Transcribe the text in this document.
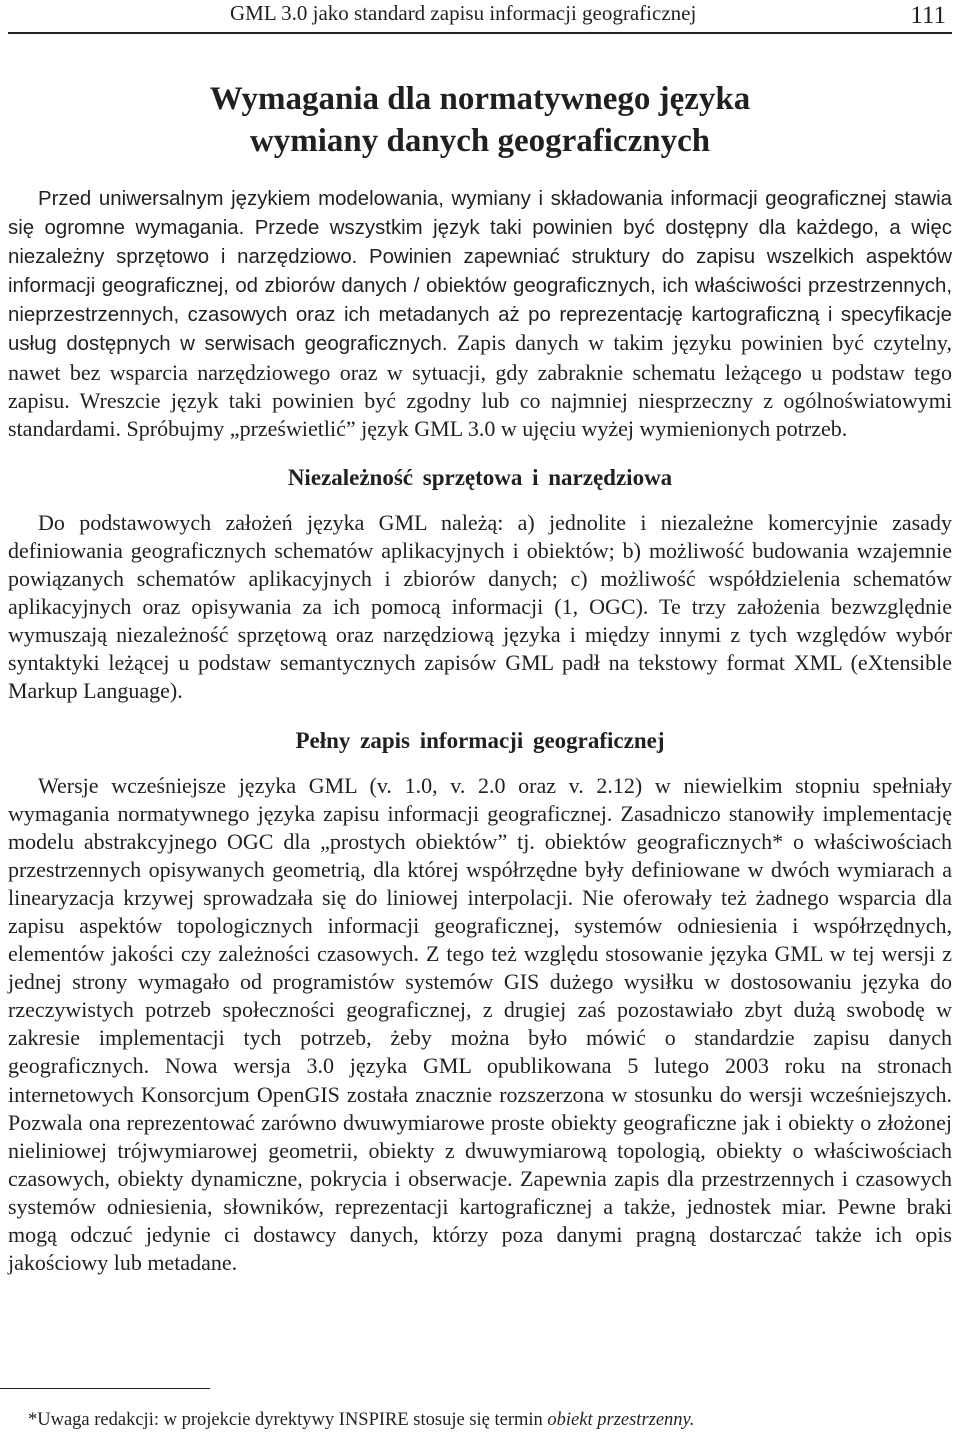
GML 3.0 jako standard zapisu informacji geograficznej	111
Wymagania dla normatywnego języka
wymiany danych geograficznych

Przed uniwersalnym językiem modelowania, wymiany i składowania informacji geograficznej stawia się ogromne wymagania. Przede wszystkim język taki powinien być dostępny dla każdego, a więc niezależny sprzętowo i narzędziowo. Powinien zapewniać struktury do zapisu wszelkich aspektów informacji geograficznej, od zbiorów danych / obiektów geograficznych, ich właściwości przestrzennych, nieprzestrzennych, czasowych oraz ich metadanych aż po reprezentację kartograficzną i specyfikacje usług dostępnych w serwisach geograficznych. Zapis danych w takim języku powinien być czytelny, nawet bez wsparcia narzędziowego oraz w sytuacji, gdy zabraknie schematu leżącego u podstaw tego zapisu. Wreszcie język taki powinien być zgodny lub co najmniej niesprzeczny z ogólnoświatowymi standardami. Spróbujmy „prześwietlić” język GML 3.0 w ujęciu wyżej wymienionych potrzeb.

Niezależność sprzętowa i narzędziowa

Do podstawowych założeń języka GML należą: a) jednolite i niezależne komercyjnie zasady definiowania geograficznych schematów aplikacyjnych i obiektów; b) możliwość budowania wzajemnie powiązanych schematów aplikacyjnych i zbiorów danych; c) możliwość współdzielenia schematów aplikacyjnych oraz opisywania za ich pomocą informacji (1, OGC). Te trzy założenia bezwzględnie wymuszają niezależność sprzętową oraz narzędziową języka i między innymi z tych względów wybór syntaktyki leżącej u podstaw semantycznych zapisów GML padł na tekstowy format XML (eXtensible Markup Language).

Pełny zapis informacji geograficznej

Wersje wcześniejsze języka GML (v. 1.0, v. 2.0 oraz v. 2.12) w niewielkim stopniu spełniały wymagania normatywnego języka zapisu informacji geograficznej. Zasadniczo stanowiły implementację modelu abstrakcyjnego OGC dla „prostych obiektów” tj. obiektów geograficznych* o właściwościach przestrzennych opisywanych geometrią, dla której współrzędne były definiowane w dwóch wymiarach a linearyzacja krzywej sprowadzała się do liniowej interpolacji. Nie oferowały też żadnego wsparcia dla zapisu aspektów topologicznych informacji geograficznej, systemów odniesienia i współrzędnych, elementów jakości czy zależności czasowych. Z tego też względu stosowanie języka GML w tej wersji z jednej strony wymagało od programistów systemów GIS dużego wysiłku w dostosowaniu języka do rzeczywistych potrzeb społeczności geograficznej, z drugiej zaś pozostawiało zbyt dużą swobodę w zakresie implementacji tych potrzeb, żeby można było mówić o standardzie zapisu danych geograficznych. Nowa wersja 3.0 języka GML opublikowana 5 lutego 2003 roku na stronach internetowych Konsorcjum OpenGIS została znacznie rozszerzona w stosunku do wersji wcześniejszych. Pozwala ona reprezentować zarówno dwuwymiarowe proste obiekty geograficzne jak i obiekty o złożonej nieliniowej trójwymiarowej geometrii, obiekty z dwuwymiarową topologią, obiekty o właściwościach czasowych, obiekty dynamiczne, pokrycia i obserwacje. Zapewnia zapis dla przestrzennych i czasowych systemów odniesienia, słowników, reprezentacji kartograficznej a także, jednostek miar. Pewne braki mogą odczuć jedynie ci dostawcy danych, którzy poza danymi pragną dostarczać także ich opis jakościowy lub metadane.

*Uwaga redakcji: w projekcie dyrektywy INSPIRE stosuje się termin obiekt przestrzenny.
